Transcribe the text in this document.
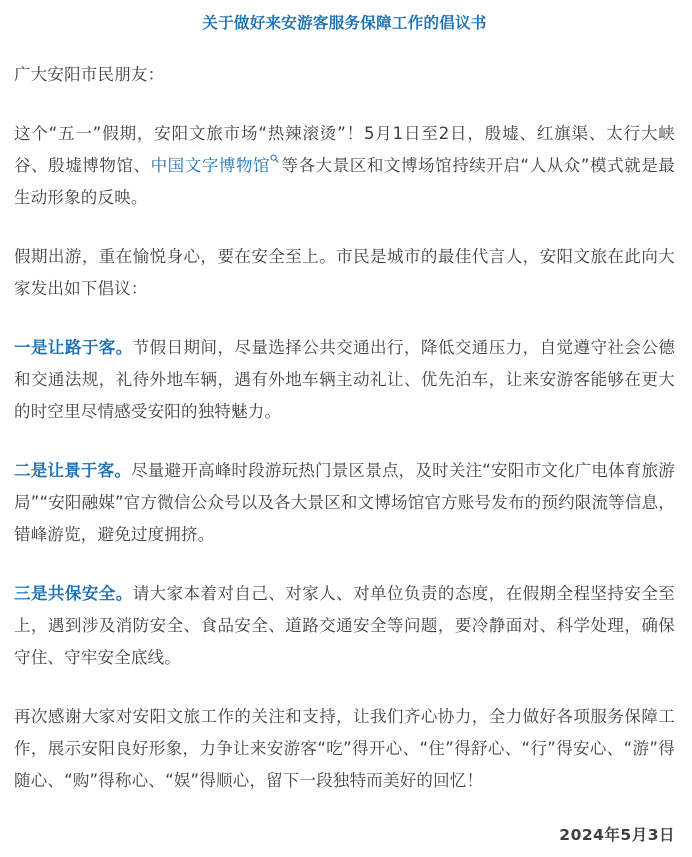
关于做好来安游客服务保障工作的倡议书

广大安阳市民朋友：

这个“五一”假期，安阳文旅市场“热辣滚烫”！5月1日至2日，殷墟、红旗渠、太行大峡谷、殷墟博物馆、中国文字博物馆 等各大景区和文博场馆持续开启“人从众”模式就是最生动形象的反映。

假期出游，重在愉悦身心，要在安全至上。市民是城市的最佳代言人，安阳文旅在此向大家发出如下倡议：

一是让路于客。节假日期间，尽量选择公共交通出行，降低交通压力，自觉遵守社会公德和交通法规，礼待外地车辆，遇有外地车辆主动礼让、优先泊车，让来安游客能够在更大的时空里尽情感受安阳的独特魅力。

二是让景于客。尽量避开高峰时段游玩热门景区景点，及时关注“安阳市文化广电体育旅游局”“安阳融媒”官方微信公众号以及各大景区和文博场馆官方账号发布的预约限流等信息，错峰游览，避免过度拥挤。

三是共保安全。请大家本着对自己、对家人、对单位负责的态度，在假期全程坚持安全至上，遇到涉及消防安全、食品安全、道路交通安全等问题，要冷静面对、科学处理，确保守住、守牢安全底线。

再次感谢大家对安阳文旅工作的关注和支持，让我们齐心协力，全力做好各项服务保障工作，展示安阳良好形象，力争让来安游客“吃”得开心、“住”得舒心、“行”得安心、“游”得随心、“购”得称心、“娱”得顺心，留下一段独特而美好的回忆！

2024年5月3日
